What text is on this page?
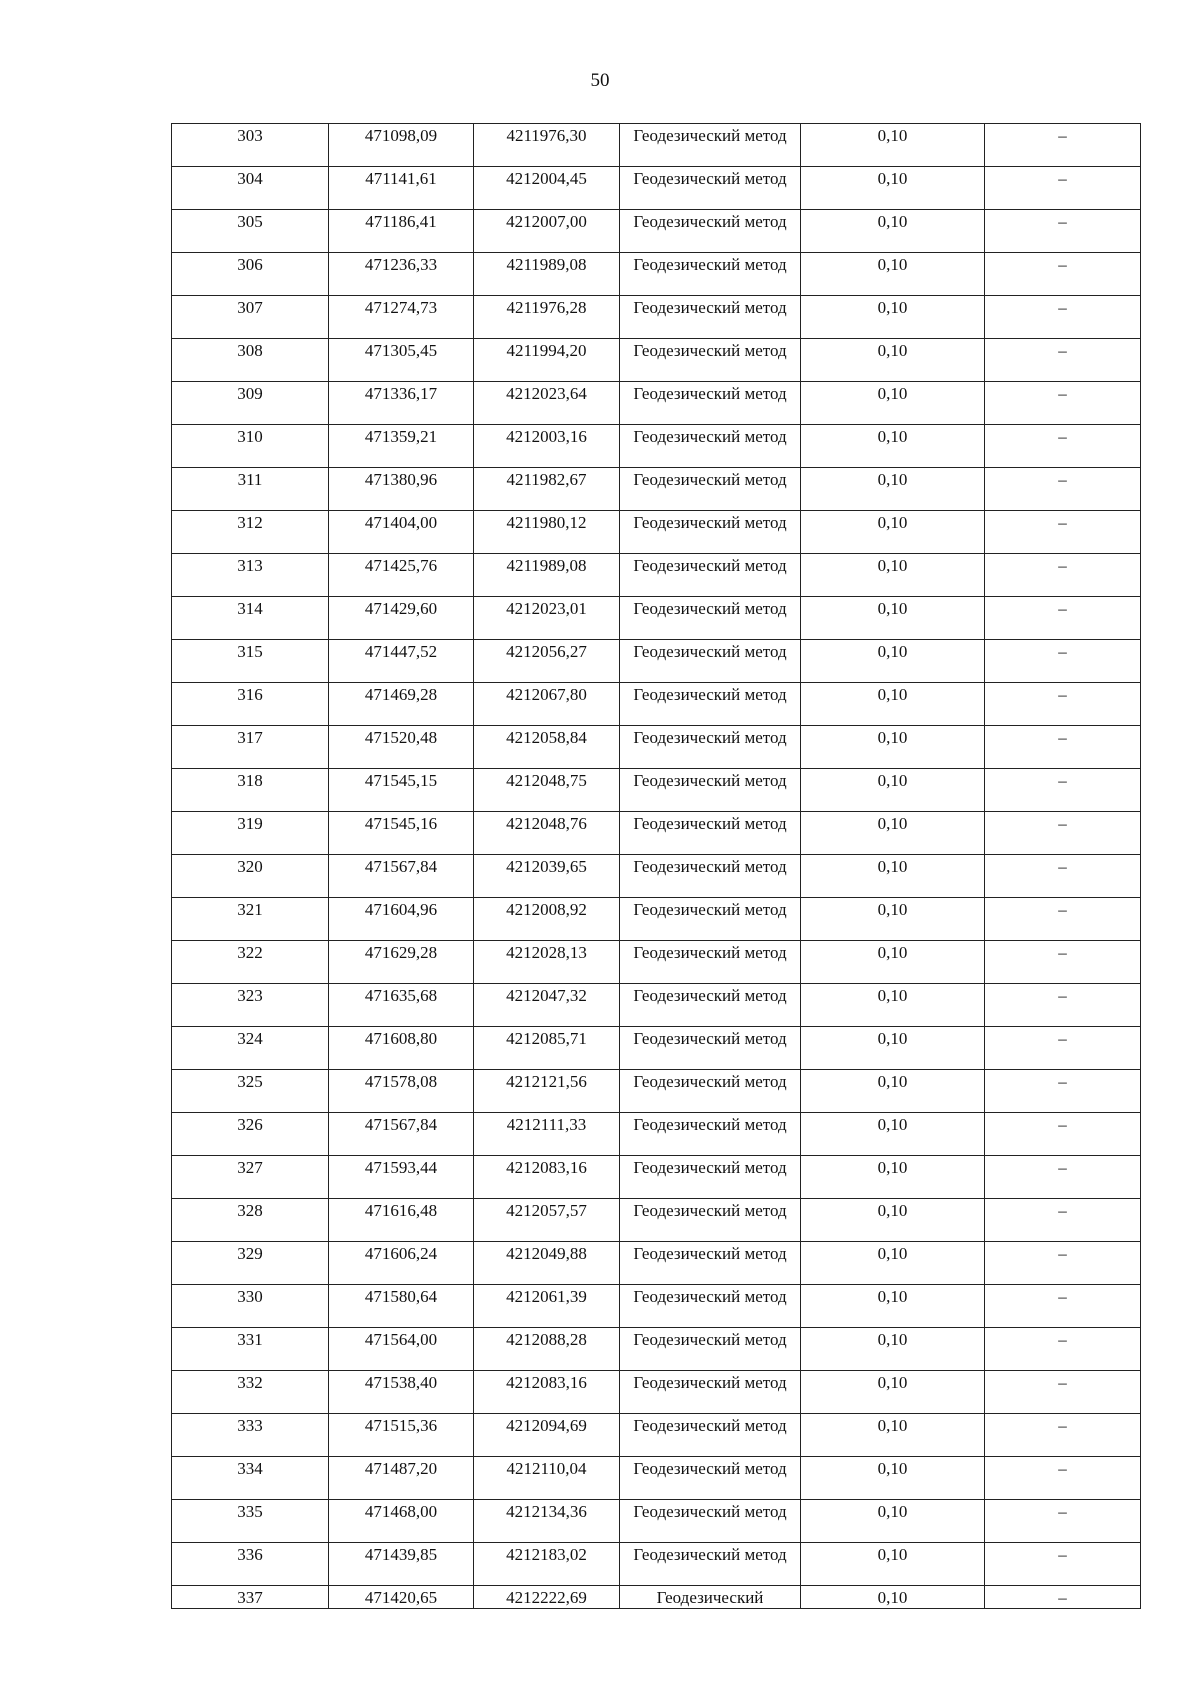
50
303	471098,09	4211976,30	Геодезический метод	0,10	–

304	471141,61	4212004,45	Геодезический метод	0,10	–

305	471186,41	4212007,00	Геодезический метод	0,10	–

306	471236,33	4211989,08	Геодезический метод	0,10	–

307	471274,73	4211976,28	Геодезический метод	0,10	–

308	471305,45	4211994,20	Геодезический метод	0,10	–

309	471336,17	4212023,64	Геодезический метод	0,10	–

310	471359,21	4212003,16	Геодезический метод	0,10	–

311	471380,96	4211982,67	Геодезический метод	0,10	–

312	471404,00	4211980,12	Геодезический метод	0,10	–

313	471425,76	4211989,08	Геодезический метод	0,10	–

314	471429,60	4212023,01	Геодезический метод	0,10	–

315	471447,52	4212056,27	Геодезический метод	0,10	–

316	471469,28	4212067,80	Геодезический метод	0,10	–

317	471520,48	4212058,84	Геодезический метод	0,10	–

318	471545,15	4212048,75	Геодезический метод	0,10	–

319	471545,16	4212048,76	Геодезический метод	0,10	–

320	471567,84	4212039,65	Геодезический метод	0,10	–

321	471604,96	4212008,92	Геодезический метод	0,10	–

322	471629,28	4212028,13	Геодезический метод	0,10	–

323	471635,68	4212047,32	Геодезический метод	0,10	–

324	471608,80	4212085,71	Геодезический метод	0,10	–

325	471578,08	4212121,56	Геодезический метод	0,10	–

326	471567,84	4212111,33	Геодезический метод	0,10	–

327	471593,44	4212083,16	Геодезический метод	0,10	–

328	471616,48	4212057,57	Геодезический метод	0,10	–

329	471606,24	4212049,88	Геодезический метод	0,10	–

330	471580,64	4212061,39	Геодезический метод	0,10	–

331	471564,00	4212088,28	Геодезический метод	0,10	–

332	471538,40	4212083,16	Геодезический метод	0,10	–

333	471515,36	4212094,69	Геодезический метод	0,10	–

334	471487,20	4212110,04	Геодезический метод	0,10	–

335	471468,00	4212134,36	Геодезический метод	0,10	–

336	471439,85	4212183,02	Геодезический метод	0,10	–

337	471420,65	4212222,69	Геодезический	0,10	–
